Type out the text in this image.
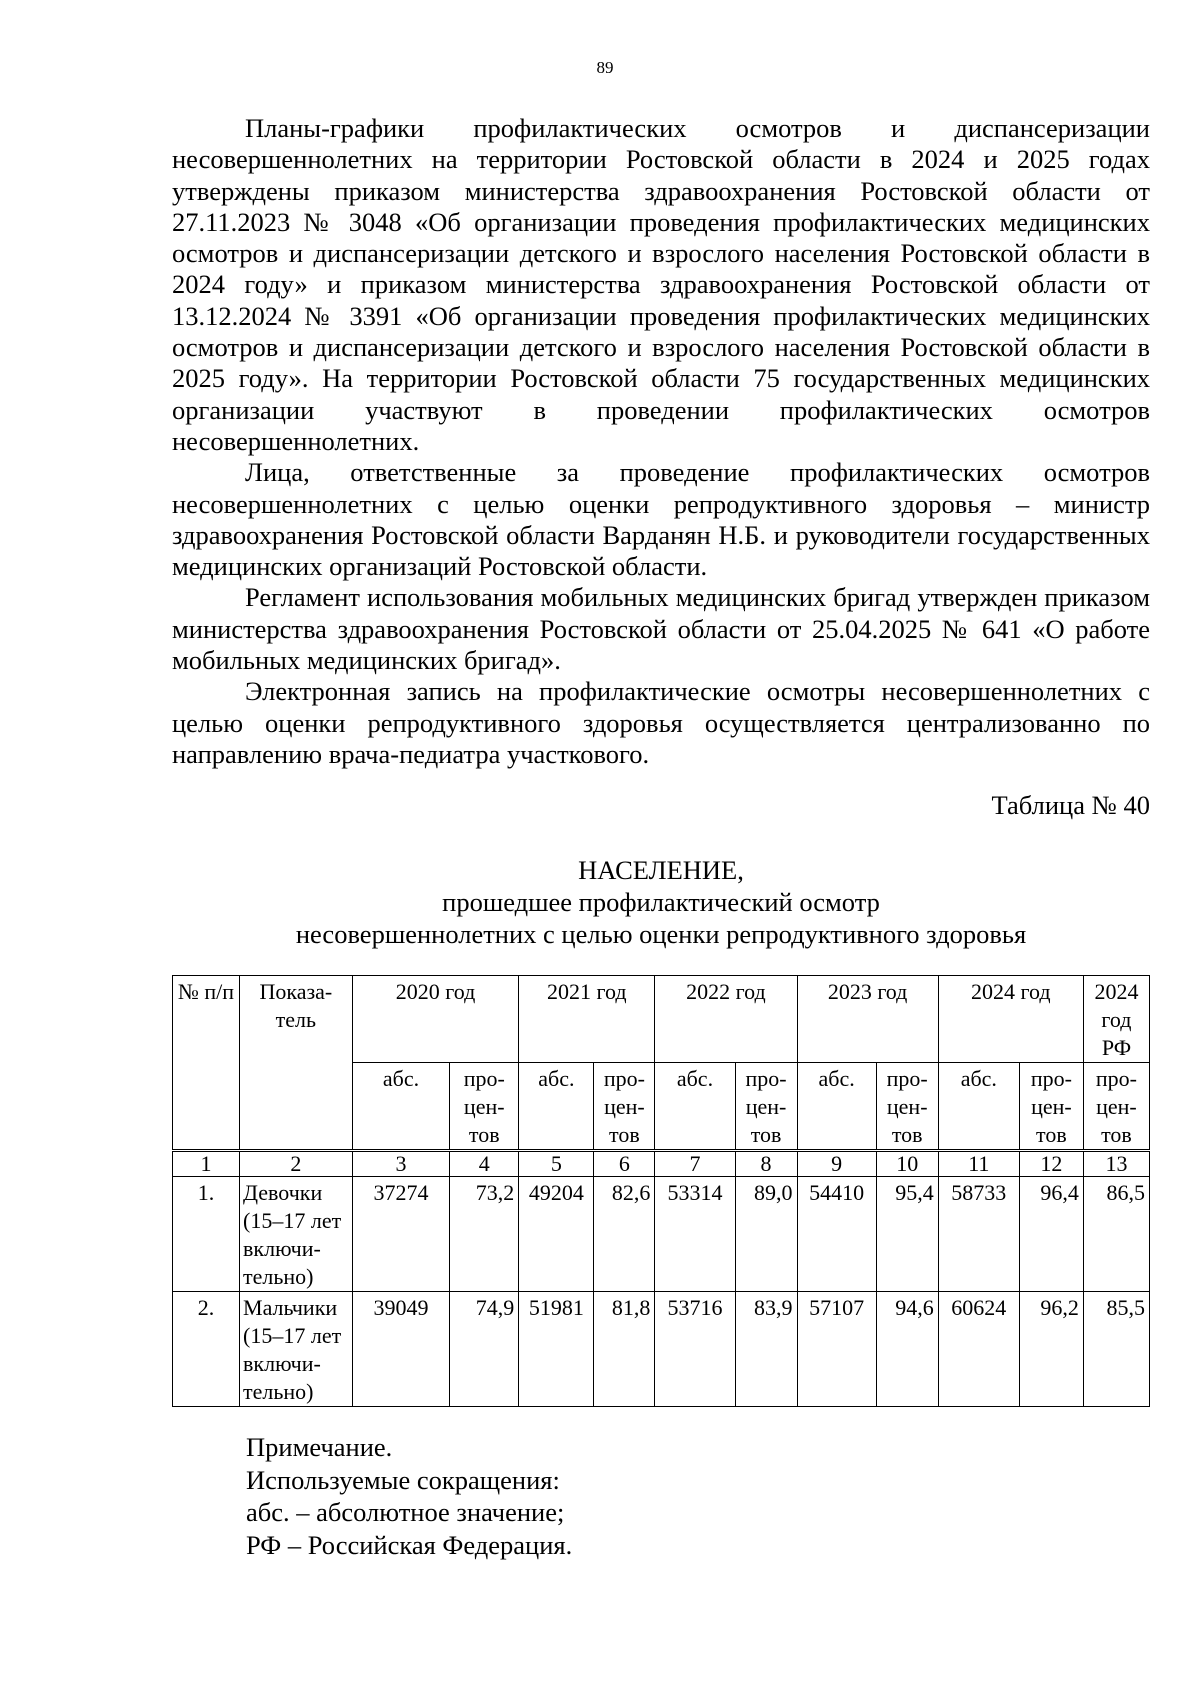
89

Планы-графики профилактических осмотров и диспансеризации несовершеннолетних на территории Ростовской области в 2024 и 2025 годах утверждены приказом министерства здравоохранения Ростовской области от 27.11.2023 № 3048 «Об организации проведения профилактических медицинских осмотров и диспансеризации детского и взрослого населения Ростовской области в 2024 году» и приказом министерства здравоохранения Ростовской области от 13.12.2024 № 3391 «Об организации проведения профилактических медицинских осмотров и диспансеризации детского и взрослого населения Ростовской области в 2025 году». На территории Ростовской области 75 государственных медицинских организации участвуют в проведении профилактических осмотров несовершеннолетних.

Лица, ответственные за проведение профилактических осмотров несовершеннолетних с целью оценки репродуктивного здоровья – министр здравоохранения Ростовской области Варданян Н.Б. и руководители государственных медицинских организаций Ростовской области.

Регламент использования мобильных медицинских бригад утвержден приказом министерства здравоохранения Ростовской области от 25.04.2025 № 641 «О работе мобильных медицинских бригад».

Электронная запись на профилактические осмотры несовершеннолетних с целью оценки репродуктивного здоровья осуществляется централизованно по направлению врача-педиатра участкового.

Таблица № 40
НАСЕЛЕНИЕ,
прошедшее профилактический осмотр
несовершеннолетних с целью оценки репродуктивного здоровья
№ п/п	Показа-тель	2020 год		2021 год		2022 год		2023 год		2024 год		2024 год РФ
		абс.	про-цен-тов	абс.	про-цен-тов	абс.	про-цен-тов	абс.	про-цен-тов	абс.	про-цен-тов	про-цен-тов
1	2	3	4	5	6	7	8	9	10	11	12	13
1.	Девочки
(15–17 лет
включи-
тельно)	37274	73,2	49204	82,6	53314	89,0	54410	95,4	58733	96,4	86,5
2.	Мальчики
(15–17 лет
включи-
тельно)	39049	74,9	51981	81,8	53716	83,9	57107	94,6	60624	96,2	85,5
Примечание.
Используемые сокращения:
абс. – абсолютное значение;
РФ – Российская Федерация.
